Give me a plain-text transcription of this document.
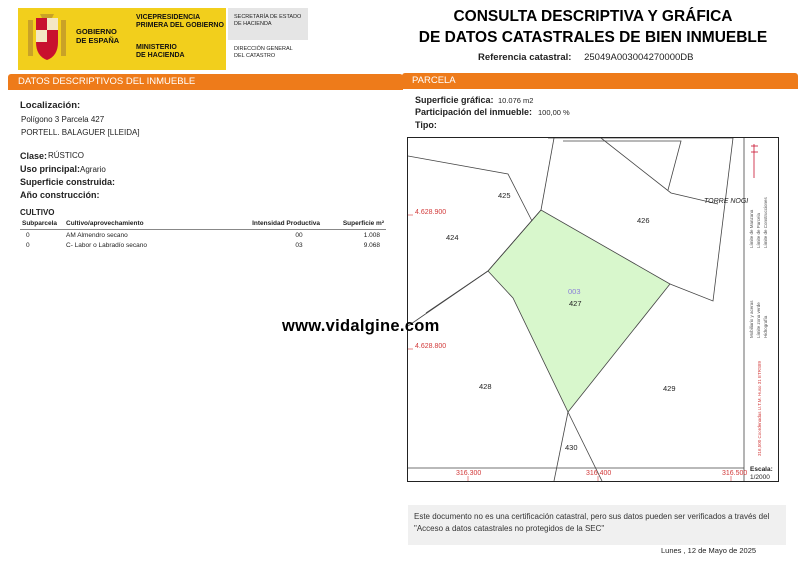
GOBIERNO
DE ESPAÑA
VICEPRESIDENCIA
PRIMERA DEL GOBIERNO
MINISTERIO
DE HACIENDA
SECRETARÍA DE ESTADO
DE HACIENDA
DIRECCIÓN GENERAL
DEL CATASTRO
CONSULTA DESCRIPTIVA Y GRÁFICA
DE DATOS CATASTRALES DE BIEN INMUEBLE
Referencia catastral: 25049A003004270000DB
DATOS DESCRIPTIVOS DEL INMUEBLE
Localización:
Polígono 3 Parcela 427
PORTELL. BALAGUER [LLEIDA]
Clase: RÚSTICO
Uso principal: Agrario
Superficie construida:
Año construcción:
CULTIVO
Subparcela	Cultivo/aprovechamiento	Intensidad Productiva	Superficie m²
0	AM Almendro secano	00	1.008
0	C- Labor o Labradío secano	03	9.068
PARCELA
Superficie gráfica: 10.076 m2
Participación del inmueble: 100,00 %
Tipo:
4.628.900
4.628.800
316.300	316.400	316.500
425
426
424
427
428	429
430
TORRE NOGI
003
Límite de Manzana Límite de Parcela Límite de Construcciones
Mobiliario y aceras Límite zona verde Hidrografía
316,500 Coordenadas U.T.M. Huso 31 ETRS89
Escala:
1/2000
www.vidalgine.com
Este documento no es una certificación catastral, pero sus datos pueden ser verificados a través del "Acceso a datos catastrales no protegidos de la SEC"
Lunes , 12 de Mayo de 2025
